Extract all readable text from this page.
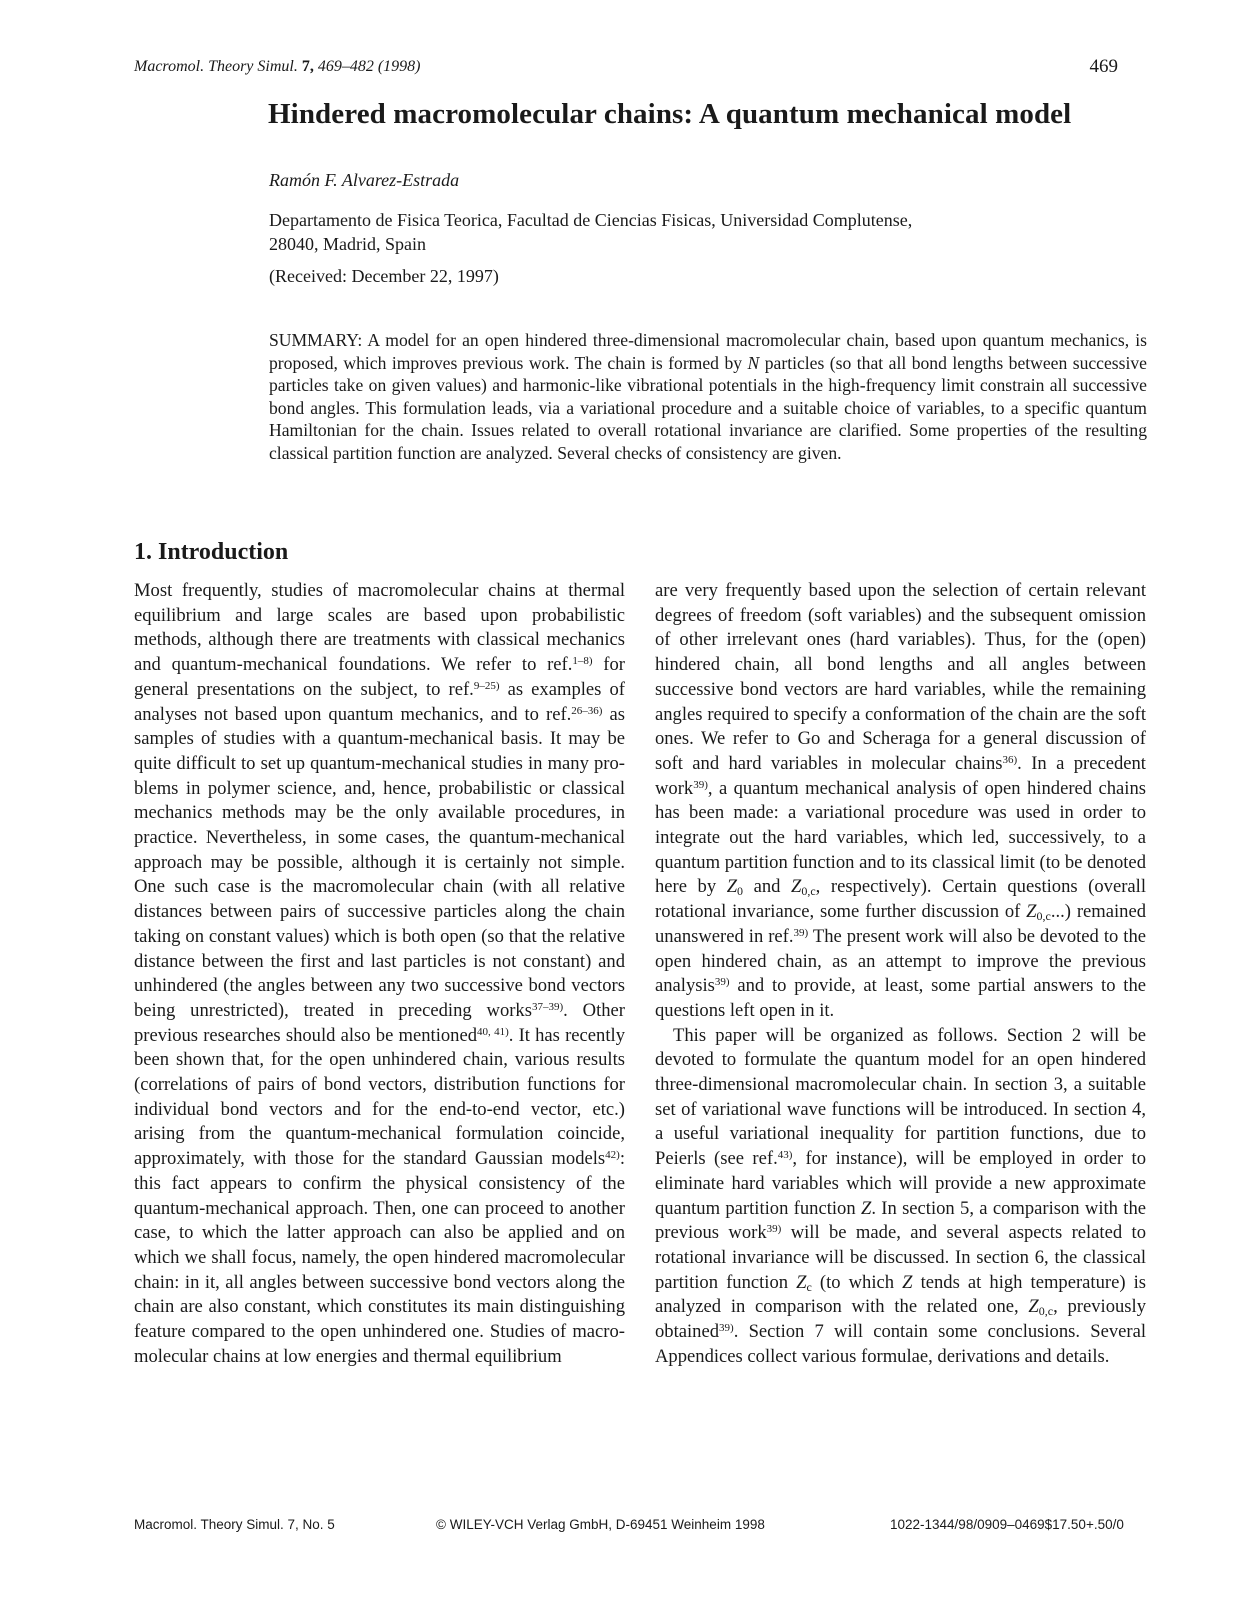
Macromol. Theory Simul. 7, 469–482 (1998)	469
Hindered macromolecular chains: A quantum mechanical model
Ramón F. Alvarez-Estrada
Departamento de Fisica Teorica, Facultad de Ciencias Fisicas, Universidad Complutense,
28040, Madrid, Spain
(Received: December 22, 1997)
SUMMARY: A model for an open hindered three-dimensional macromolecular chain, based upon quantum mechanics, is proposed, which improves previous work. The chain is formed by N particles (so that all bond lengths between successive particles take on given values) and harmonic-like vibrational potentials in the high-frequency limit constrain all successive bond angles. This formulation leads, via a variational procedure and a suitable choice of variables, to a specific quantum Hamiltonian for the chain. Issues related to overall rotational invariance are clarified. Some properties of the resulting classical partition function are analyzed. Several checks of consistency are given.
1. Introduction

Most frequently, studies of macromolecular chains at thermal equilibrium and large scales are based upon probabilistic methods, although there are treatments with classical mechanics and quantum-mechanical foundations. We refer to ref.$^{1-8)}$ for general presentations on the subject, to ref.$^{9-25)}$ as examples of analyses not based upon quantum mechanics, and to ref.$^{26-36)}$ as samples of studies with a quantum-mechanical basis. It may be quite difficult to set up quantum-mechanical studies in many problems in polymer science, and, hence, probabilistic or classical mechanics methods may be the only available procedures, in practice. Nevertheless, in some cases, the quantum-mechanical approach may be possible, although it is certainly not simple. One such case is the macromolecular chain (with all relative distances between pairs of successive particles along the chain taking on constant values) which is both open (so that the relative distance between the first and last particles is not constant) and unhindered (the angles between any two successive bond vectors being unrestricted), treated in preceding works$^{37-39)}$. Other previous researches should also be mentioned$^{40, 41)}$. It has recently been shown that, for the open unhindered chain, various results (correlations of pairs of bond vectors, distribution functions for individual bond vectors and for the end-to-end vector, etc.) arising from the quantum-mechanical formulation coincide, approximately, with those for the standard Gaussian models$^{42)}$: this fact appears to confirm the physical consistency of the quantum-mechanical approach. Then, one can proceed to another case, to which the latter approach can also be applied and on which we shall focus, namely, the open hindered macromolecular chain: in it, all angles between successive bond vectors along the chain are also constant, which constitutes its main distinguishing feature compared to the open unhindered one. Studies of macromolecular chains at low energies and thermal equilibrium

are very frequently based upon the selection of certain relevant degrees of freedom (soft variables) and the subsequent omission of other irrelevant ones (hard variables). Thus, for the (open) hindered chain, all bond lengths and all angles between successive bond vectors are hard variables, while the remaining angles required to specify a conformation of the chain are the soft ones. We refer to Go and Scheraga for a general discussion of soft and hard variables in molecular chains$^{36)}$. In a precedent work$^{39)}$, a quantum mechanical analysis of open hindered chains has been made: a variational procedure was used in order to integrate out the hard variables, which led, successively, to a quantum partition function and to its classical limit (to be denoted here by $Z_0$ and $Z_{0,c}$, respectively). Certain questions (overall rotational invariance, some further discussion of $Z_{0,c}$...) remained unanswered in ref.$^{39)}$ The present work will also be devoted to the open hindered chain, as an attempt to improve the previous analysis$^{39)}$ and to provide, at least, some partial answers to the questions left open in it.

This paper will be organized as follows. Section 2 will be devoted to formulate the quantum model for an open hindered three-dimensional macromolecular chain. In section 3, a suitable set of variational wave functions will be introduced. In section 4, a useful variational inequality for partition functions, due to Peierls (see ref.$^{43)}$, for instance), will be employed in order to eliminate hard variables which will provide a new approximate quantum partition function Z. In section 5, a comparison with the previous work$^{39)}$ will be made, and several aspects related to rotational invariance will be discussed. In section 6, the classical partition function $Z_c$ (to which Z tends at high temperature) is analyzed in comparison with the related one, $Z_{0,c}$, previously obtained$^{39)}$. Section 7 will contain some conclusions. Several Appendices collect various formulae, derivations and details.

Macromol. Theory Simul. 7, No. 5	© WILEY-VCH Verlag GmbH, D-69451 Weinheim 1998	1022-1344/98/0909–0469$17.50+.50/0
